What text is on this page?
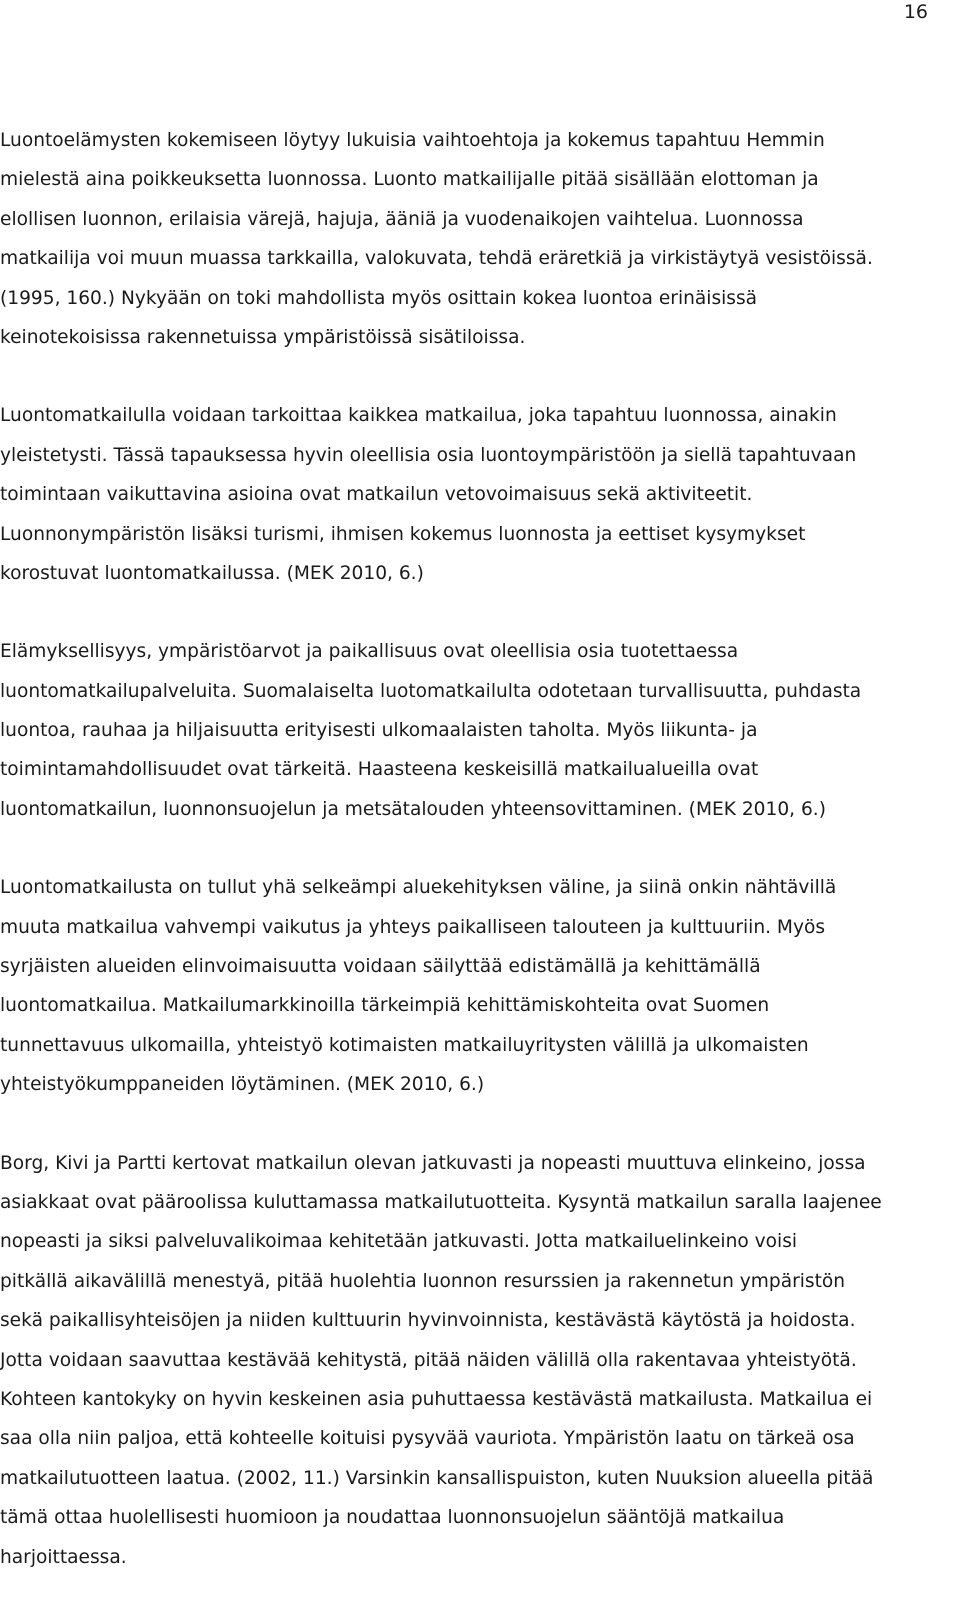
16

Luontoelämysten kokemiseen löytyy lukuisia vaihtoehtoja ja kokemus tapahtuu Hemmin
mielestä aina poikkeuksetta luonnossa. Luonto matkailijalle pitää sisällään elottoman ja
elollisen luonnon, erilaisia värejä, hajuja, ääniä ja vuodenaikojen vaihtelua. Luonnossa
matkailija voi muun muassa tarkkailla, valokuvata, tehdä eräretkiä ja virkistäytyä vesistöissä.
(1995, 160.) Nykyään on toki mahdollista myös osittain kokea luontoa erinäisissä
keinotekoisissa rakennetuissa ympäristöissä sisätiloissa.

Luontomatkailulla voidaan tarkoittaa kaikkea matkailua, joka tapahtuu luonnossa, ainakin
yleistetysti. Tässä tapauksessa hyvin oleellisia osia luontoympäristöön ja siellä tapahtuvaan
toimintaan vaikuttavina asioina ovat matkailun vetovoimaisuus sekä aktiviteetit.
Luonnonympäristön lisäksi turismi, ihmisen kokemus luonnosta ja eettiset kysymykset
korostuvat luontomatkailussa. (MEK 2010, 6.)

Elämyksellisyys, ympäristöarvot ja paikallisuus ovat oleellisia osia tuotettaessa
luontomatkailupalveluita. Suomalaiselta luotomatkailulta odotetaan turvallisuutta, puhdasta
luontoa, rauhaa ja hiljaisuutta erityisesti ulkomaalaisten taholta. Myös liikunta- ja
toimintamahdollisuudet ovat tärkeitä. Haasteena keskeisillä matkailualueilla ovat
luontomatkailun, luonnonsuojelun ja metsätalouden yhteensovittaminen. (MEK 2010, 6.)

Luontomatkailusta on tullut yhä selkeämpi aluekehityksen väline, ja siinä onkin nähtävillä
muuta matkailua vahvempi vaikutus ja yhteys paikalliseen talouteen ja kulttuuriin. Myös
syrjäisten alueiden elinvoimaisuutta voidaan säilyttää edistämällä ja kehittämällä
luontomatkailua. Matkailumarkkinoilla tärkeimpiä kehittämiskohteita ovat Suomen
tunnettavuus ulkomailla, yhteistyö kotimaisten matkailuyritysten välillä ja ulkomaisten
yhteistyökumppaneiden löytäminen. (MEK 2010, 6.)

Borg, Kivi ja Partti kertovat matkailun olevan jatkuvasti ja nopeasti muuttuva elinkeino, jossa
asiakkaat ovat pääroolissa kuluttamassa matkailutuotteita. Kysyntä matkailun saralla laajenee
nopeasti ja siksi palveluvalikoimaa kehitetään jatkuvasti. Jotta matkailuelinkeino voisi
pitkällä aikavälillä menestyä, pitää huolehtia luonnon resurssien ja rakennetun ympäristön
sekä paikallisyhteisöjen ja niiden kulttuurin hyvinvoinnista, kestävästä käytöstä ja hoidosta.
Jotta voidaan saavuttaa kestävää kehitystä, pitää näiden välillä olla rakentavaa yhteistyötä.
Kohteen kantokyky on hyvin keskeinen asia puhuttaessa kestävästä matkailusta. Matkailua ei
saa olla niin paljoa, että kohteelle koituisi pysyvää vauriota. Ympäristön laatu on tärkeä osa
matkailutuotteen laatua. (2002, 11.) Varsinkin kansallispuiston, kuten Nuuksion alueella pitää
tämä ottaa huolellisesti huomioon ja noudattaa luonnonsuojelun sääntöjä matkailua
harjoittaessa.
